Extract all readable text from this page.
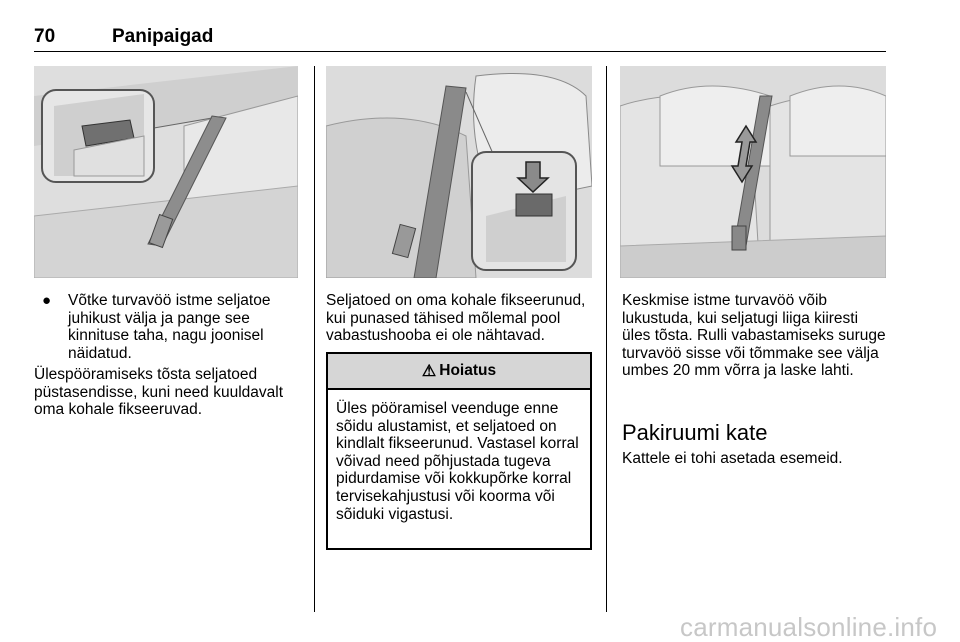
70	Panipaigad
● Võtke turvavöö istme seljatoe juhikust välja ja pange see kinnituse taha, nagu joonisel näidatud.
Ülespööramiseks tõsta seljatoed püstasendisse, kuni need kuuldavalt oma kohale fikseeruvad.
Seljatoed on oma kohale fikseerunud, kui punased tähised mõlemal pool vabastushooba ei ole nähtavad.
⚠ Hoiatus
Üles pööramisel veenduge enne sõidu alustamist, et seljatoed on kindlalt fikseerunud. Vastasel korral võivad need põhjustada tugeva pidurdamise või kokkupõrke korral tervisekahjustusi või koorma või sõiduki vigastusi.
Keskmise istme turvavöö võib lukustuda, kui seljatugi liiga kiiresti üles tõsta. Rulli vabastamiseks suruge turvavöö sisse või tõmmake see välja umbes 20 mm võrra ja laske lahti.
Pakiruumi kate
Kattele ei tohi asetada esemeid.
carmanualsonline.info
